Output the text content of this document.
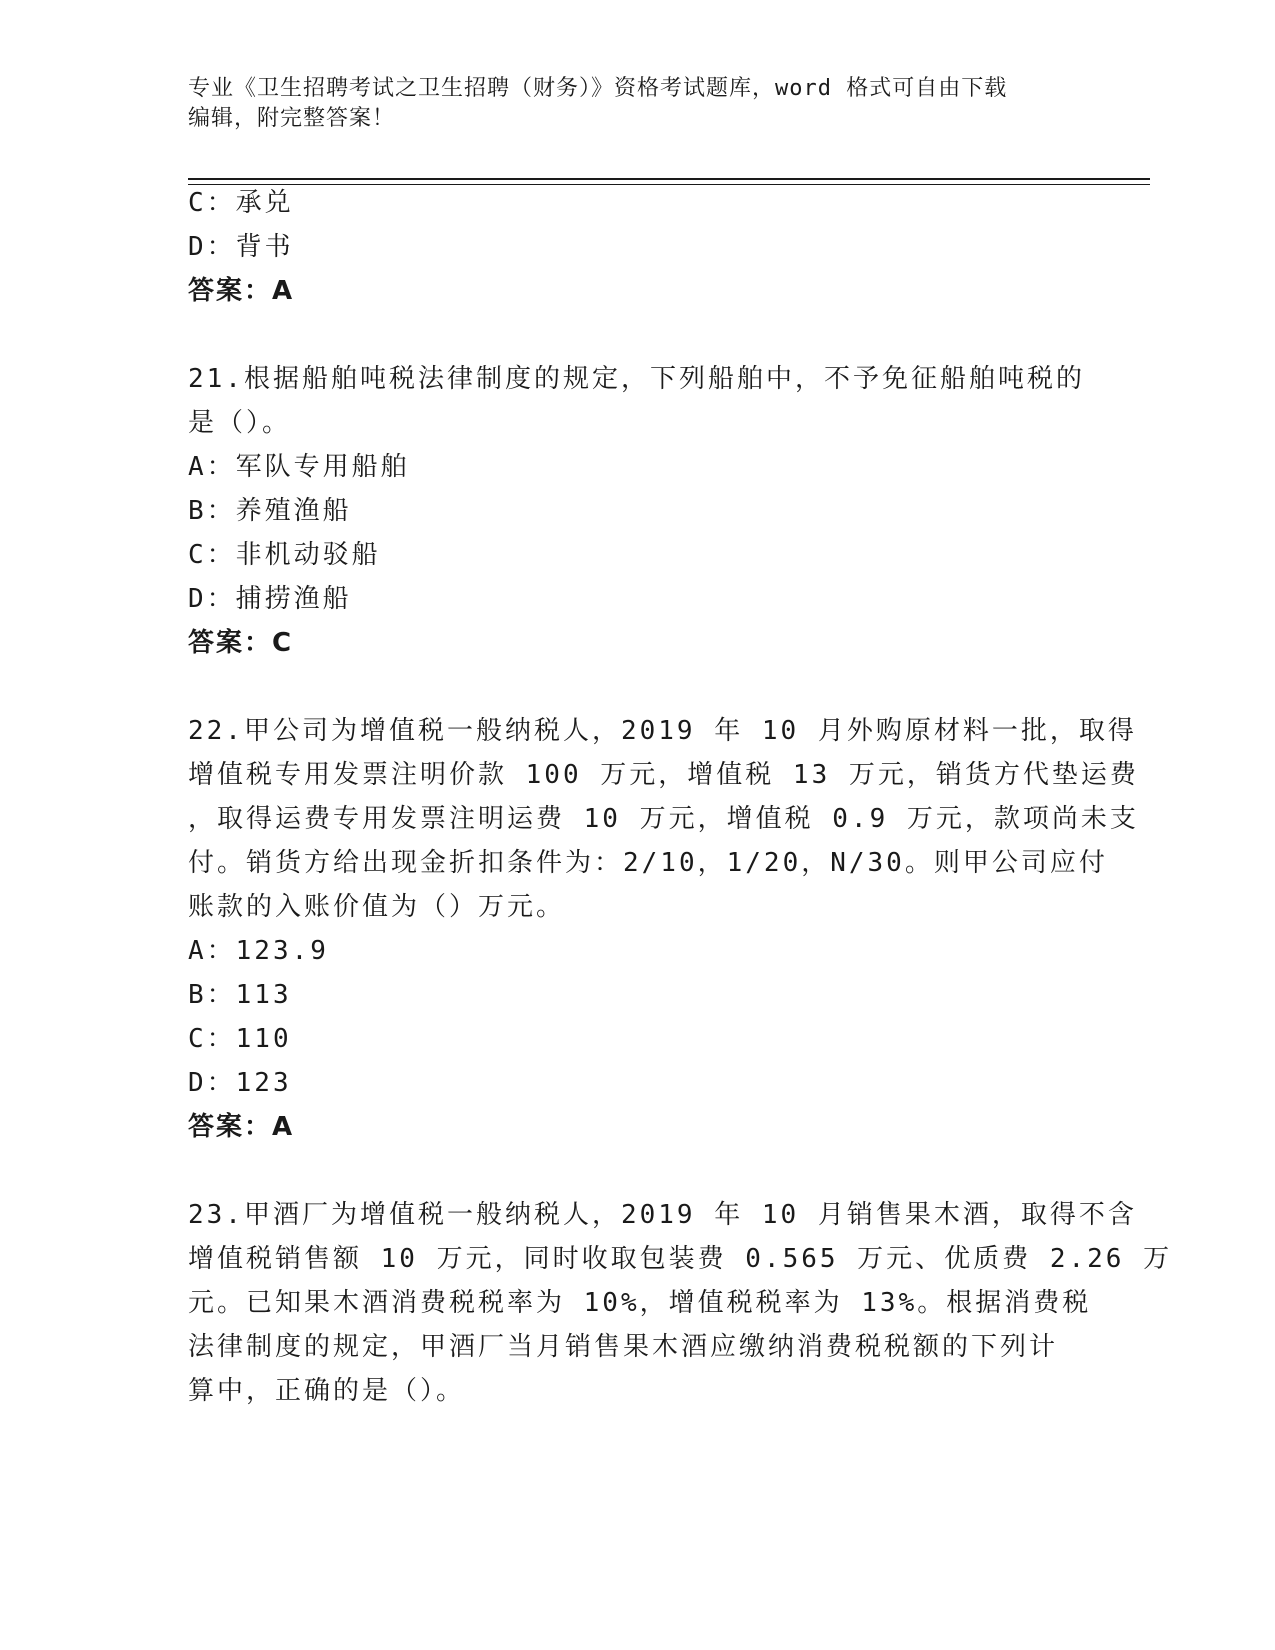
专业《卫生招聘考试之卫生招聘（财务）》资格考试题库，word 格式可自由下载

编辑，附完整答案！

C：承兑
D：背书
答案：A
21.根据船舶吨税法律制度的规定，下列船舶中，不予免征船舶吨税的
是（）。
A：军队专用船舶
B：养殖渔船
C：非机动驳船
D：捕捞渔船
答案：C
22.甲公司为增值税一般纳税人，2019 年 10 月外购原材料一批，取得
增值税专用发票注明价款 100 万元，增值税 13 万元，销货方代垫运费
，取得运费专用发票注明运费 10 万元，增值税 0.9 万元，款项尚未支
付。销货方给出现金折扣条件为：2/10，1/20，N/30。则甲公司应付
账款的入账价值为（）万元。
A：123.9
B：113
C：110
D：123
答案：A
23.甲酒厂为增值税一般纳税人，2019 年 10 月销售果木酒，取得不含
增值税销售额 10 万元，同时收取包装费 0.565 万元、优质费 2.26 万
元。已知果木酒消费税税率为 10%，增值税税率为 13%。根据消费税
法律制度的规定，甲酒厂当月销售果木酒应缴纳消费税税额的下列计
算中，正确的是（）。
